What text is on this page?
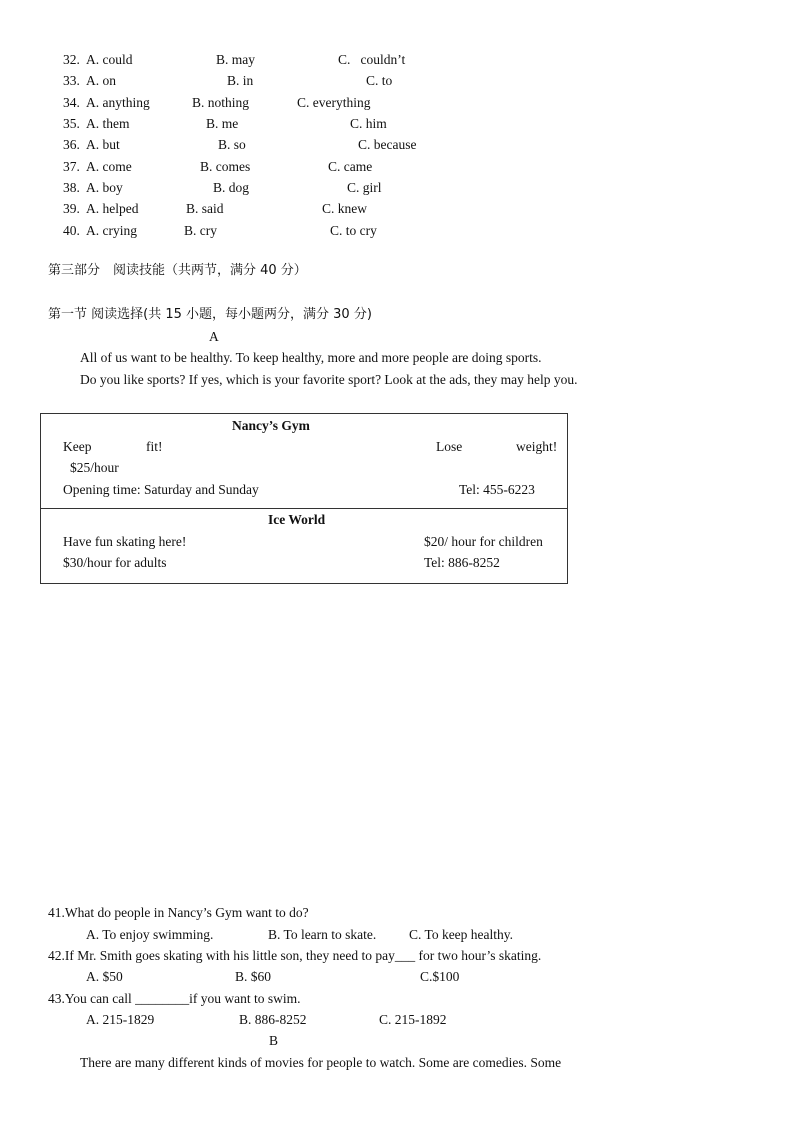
32. A. could	B. may	C.   couldn’t
33. A. on	B. in	C. to
34. A. anything	B. nothing	C. everything
35. A. them	B. me	C. him
36. A. but	B. so	C. because
37. A. come	B. comes	C. came
38. A. boy	B. dog	C. girl
39. A. helped	B. said	C. knew
40. A. crying	B. cry	C. to cry
第三部分　阅读技能（共两节，满分 40 分）
第一节 阅读选择(共 15 小题，每小题两分，满分 30 分)
A
All of us want to be healthy. To keep healthy, more and more people are doing sports.
Do you like sports? If yes, which is your favorite sport? Look at the ads, they may help you.
Nancy’s Gym
Keep	fit!	Lose	weight!
$25/hour
Opening time: Saturday and Sunday	Tel: 455-6223
Ice World
Have fun skating here!	$20/ hour for children
$30/hour for adults	Tel: 886-8252
41.What do people in Nancy’s Gym want to do?
A. To enjoy swimming.	B. To learn to skate. C. To keep healthy.
42.If Mr. Smith goes skating with his little son, they need to pay___ for two hour’s skating.
A. $50	B. $60	C.$100
43.You can call ________if you want to swim.
A. 215-1829	B. 886-8252	C. 215-1892
B
There are many different kinds of movies for people to watch. Some are comedies. Some
